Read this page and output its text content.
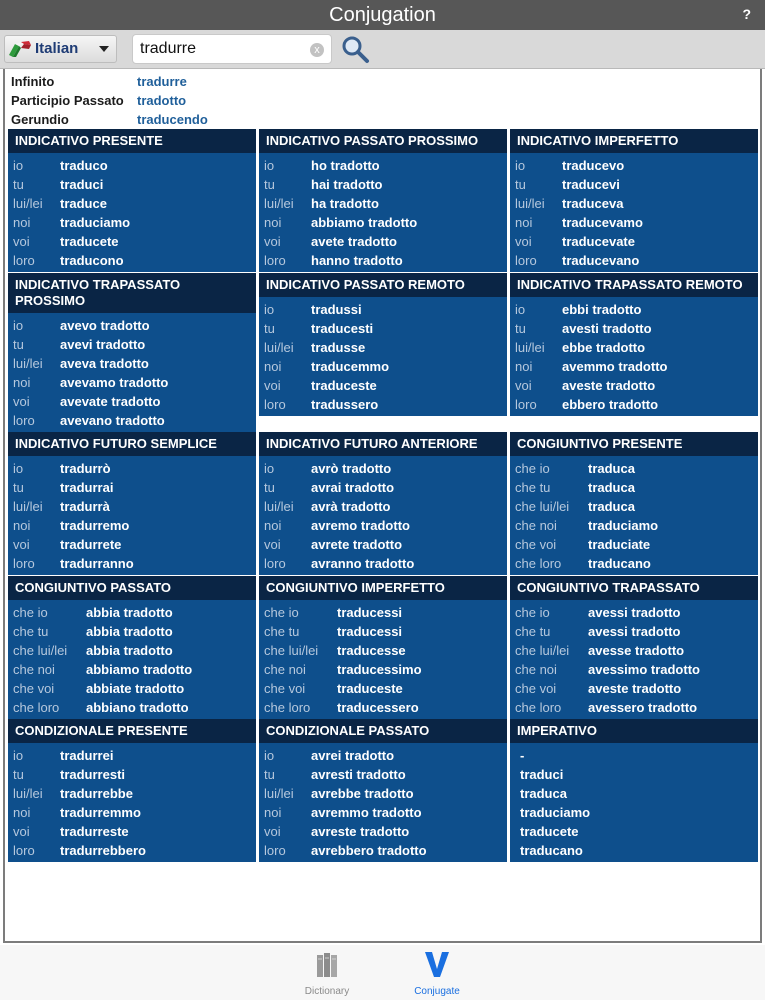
Conjugation	?
Italian	tradurre	x
Infinito	tradurre
Participio Passato	tradotto
Gerundio	traducendo
INDICATIVO PRESENTE
io	traduco
tu	traduci
lui/lei	traduce
noi	traduciamo
voi	traducete
loro	traducono
INDICATIVO PASSATO PROSSIMO
io	ho tradotto
tu	hai tradotto
lui/lei	ha tradotto
noi	abbiamo tradotto
voi	avete tradotto
loro	hanno tradotto
INDICATIVO IMPERFETTO
io	traducevo
tu	traducevi
lui/lei	traduceva
noi	traducevamo
voi	traducevate
loro	traducevano
INDICATIVO TRAPASSATO PROSSIMO
io	avevo tradotto
tu	avevi tradotto
lui/lei	aveva tradotto
noi	avevamo tradotto
voi	avevate tradotto
loro	avevano tradotto
INDICATIVO PASSATO REMOTO
io	tradussi
tu	traducesti
lui/lei	tradusse
noi	traducemmo
voi	traduceste
loro	tradussero
INDICATIVO TRAPASSATO REMOTO
io	ebbi tradotto
tu	avesti tradotto
lui/lei	ebbe tradotto
noi	avemmo tradotto
voi	aveste tradotto
loro	ebbero tradotto
INDICATIVO FUTURO SEMPLICE
io	tradurrò
tu	tradurrai
lui/lei	tradurrà
noi	tradurremo
voi	tradurrete
loro	tradurranno
INDICATIVO FUTURO ANTERIORE
io	avrò tradotto
tu	avrai tradotto
lui/lei	avrà tradotto
noi	avremo tradotto
voi	avrete tradotto
loro	avranno tradotto
CONGIUNTIVO PRESENTE
che io	traduca
che tu	traduca
che lui/lei	traduca
che noi	traduciamo
che voi	traduciate
che loro	traducano
CONGIUNTIVO PASSATO
che io	abbia tradotto
che tu	abbia tradotto
che lui/lei	abbia tradotto
che noi	abbiamo tradotto
che voi	abbiate tradotto
che loro	abbiano tradotto
CONGIUNTIVO IMPERFETTO
che io	traducessi
che tu	traducessi
che lui/lei	traducesse
che noi	traducessimo
che voi	traduceste
che loro	traducessero
CONGIUNTIVO TRAPASSATO
che io	avessi tradotto
che tu	avessi tradotto
che lui/lei	avesse tradotto
che noi	avessimo tradotto
che voi	aveste tradotto
che loro	avessero tradotto
CONDIZIONALE PRESENTE
io	tradurrei
tu	tradurresti
lui/lei	tradurrebbe
noi	tradurremmo
voi	tradurreste
loro	tradurrebbero
CONDIZIONALE PASSATO
io	avrei tradotto
tu	avresti tradotto
lui/lei	avrebbe tradotto
noi	avremmo tradotto
voi	avreste tradotto
loro	avrebbero tradotto
IMPERATIVO
-
traduci
traduca
traduciamo
traducete
traducano
Dictionary	Conjugate
